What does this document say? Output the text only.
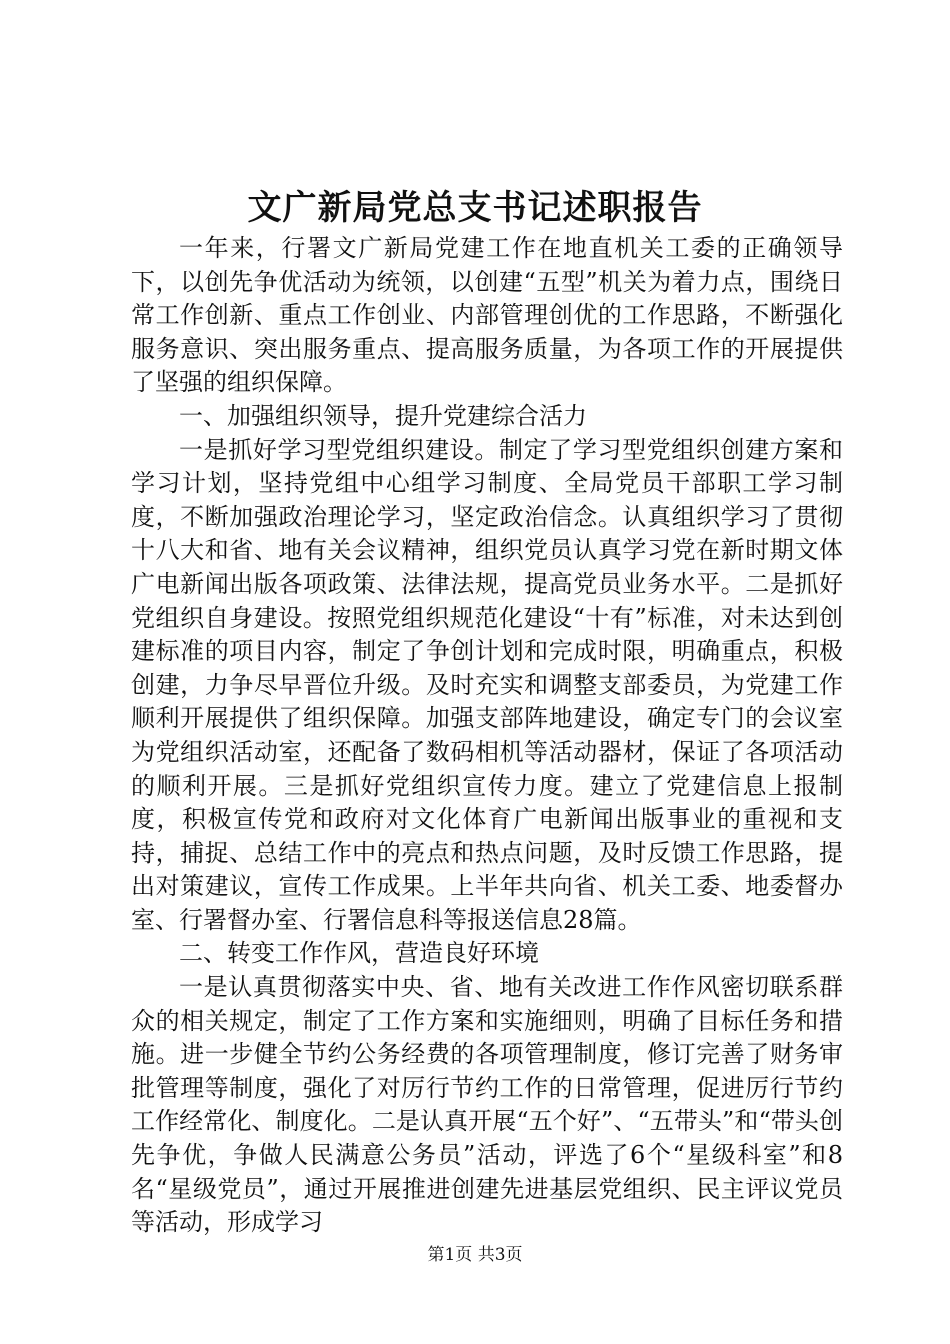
文广新局党总支书记述职报告

一年来，行署文广新局党建工作在地直机关工委的正确领导下，以创先争优活动为统领，以创建“五型”机关为着力点，围绕日常工作创新、重点工作创业、内部管理创优的工作思路，不断强化服务意识、突出服务重点、提高服务质量，为各项工作的开展提供了坚强的组织保障。

一、加强组织领导，提升党建综合活力

一是抓好学习型党组织建设。制定了学习型党组织创建方案和学习计划，坚持党组中心组学习制度、全局党员干部职工学习制度，不断加强政治理论学习，坚定政治信念。认真组织学习了贯彻十八大和省、地有关会议精神，组织党员认真学习党在新时期文体广电新闻出版各项政策、法律法规，提高党员业务水平。二是抓好党组织自身建设。按照党组织规范化建设“十有”标准，对未达到创建标准的项目内容，制定了争创计划和完成时限，明确重点，积极创建，力争尽早晋位升级。及时充实和调整支部委员，为党建工作顺利开展提供了组织保障。加强支部阵地建设，确定专门的会议室为党组织活动室，还配备了数码相机等活动器材，保证了各项活动的顺利开展。三是抓好党组织宣传力度。建立了党建信息上报制度，积极宣传党和政府对文化体育广电新闻出版事业的重视和支持，捕捉、总结工作中的亮点和热点问题，及时反馈工作思路，提出对策建议，宣传工作成果。上半年共向省、机关工委、地委督办室、行署督办室、行署信息科等报送信息28篇。

二、转变工作作风，营造良好环境

一是认真贯彻落实中央、省、地有关改进工作作风密切联系群众的相关规定，制定了工作方案和实施细则，明确了目标任务和措施。进一步健全节约公务经费的各项管理制度，修订完善了财务审批管理等制度，强化了对厉行节约工作的日常管理，促进厉行节约工作经常化、制度化。二是认真开展“五个好”、“五带头”和“带头创先争优，争做人民满意公务员”活动，评选了6个“星级科室”和8名“星级党员”，通过开展推进创建先进基层党组织、民主评议党员等活动，形成学习

第1页 共3页
